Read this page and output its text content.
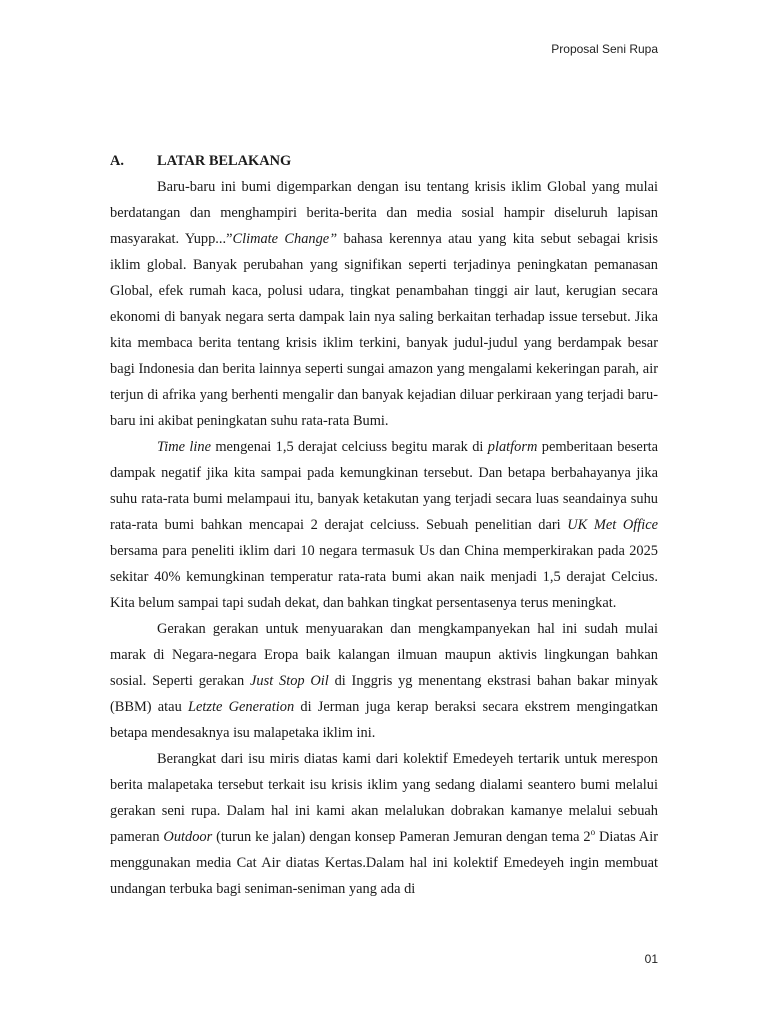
Proposal Seni Rupa
A. LATAR BELAKANG

Baru-baru ini bumi digemparkan dengan isu tentang krisis iklim Global yang mulai berdatangan dan menghampiri berita-berita dan media sosial hampir diseluruh lapisan masyarakat. Yupp...”Climate Change” bahasa kerennya atau yang kita sebut sebagai krisis iklim global. Banyak perubahan yang signifikan seperti terjadinya peningkatan pemanasan Global, efek rumah kaca, polusi udara, tingkat penambahan tinggi air laut, kerugian secara ekonomi di banyak negara serta dampak lain nya saling berkaitan terhadap issue tersebut. Jika kita membaca berita tentang krisis iklim terkini, banyak judul-judul yang berdampak besar bagi Indonesia dan berita lainnya seperti sungai amazon yang mengalami kekeringan parah, air terjun di afrika yang berhenti mengalir dan banyak kejadian diluar perkiraan yang terjadi baru-baru ini akibat peningkatan suhu rata-rata Bumi.

Time line mengenai 1,5 derajat celciuss begitu marak di platform pemberitaan beserta dampak negatif jika kita sampai pada kemungkinan tersebut. Dan betapa berbahayanya jika suhu rata-rata bumi melampaui itu, banyak ketakutan yang terjadi secara luas seandainya suhu rata-rata bumi bahkan mencapai 2 derajat celciuss. Sebuah penelitian dari UK Met Office bersama para peneliti iklim dari 10 negara termasuk Us dan China memperkirakan pada 2025 sekitar 40% kemungkinan temperatur rata-rata bumi akan naik menjadi 1,5 derajat Celcius. Kita belum sampai tapi sudah dekat, dan bahkan tingkat persentasenya terus meningkat.

Gerakan gerakan untuk menyuarakan dan mengkampanyekan hal ini sudah mulai marak di Negara-negara Eropa baik kalangan ilmuan maupun aktivis lingkungan bahkan sosial. Seperti gerakan Just Stop Oil di Inggris yg menentang ekstrasi bahan bakar minyak (BBM) atau Letzte Generation di Jerman juga kerap beraksi secara ekstrem mengingatkan betapa mendesaknya isu malapetaka iklim ini.

Berangkat dari isu miris diatas kami dari kolektif Emedeyeh tertarik untuk merespon berita malapetaka tersebut terkait isu krisis iklim yang sedang dialami seantero bumi melalui gerakan seni rupa. Dalam hal ini kami akan melalukan dobrakan kamanye melalui sebuah pameran Outdoor (turun ke jalan) dengan konsep Pameran Jemuran dengan tema 2$^o$ Diatas Air menggunakan media Cat Air diatas Kertas.Dalam hal ini kolektif Emedeyeh ingin membuat undangan terbuka bagi seniman-seniman yang ada di

01
